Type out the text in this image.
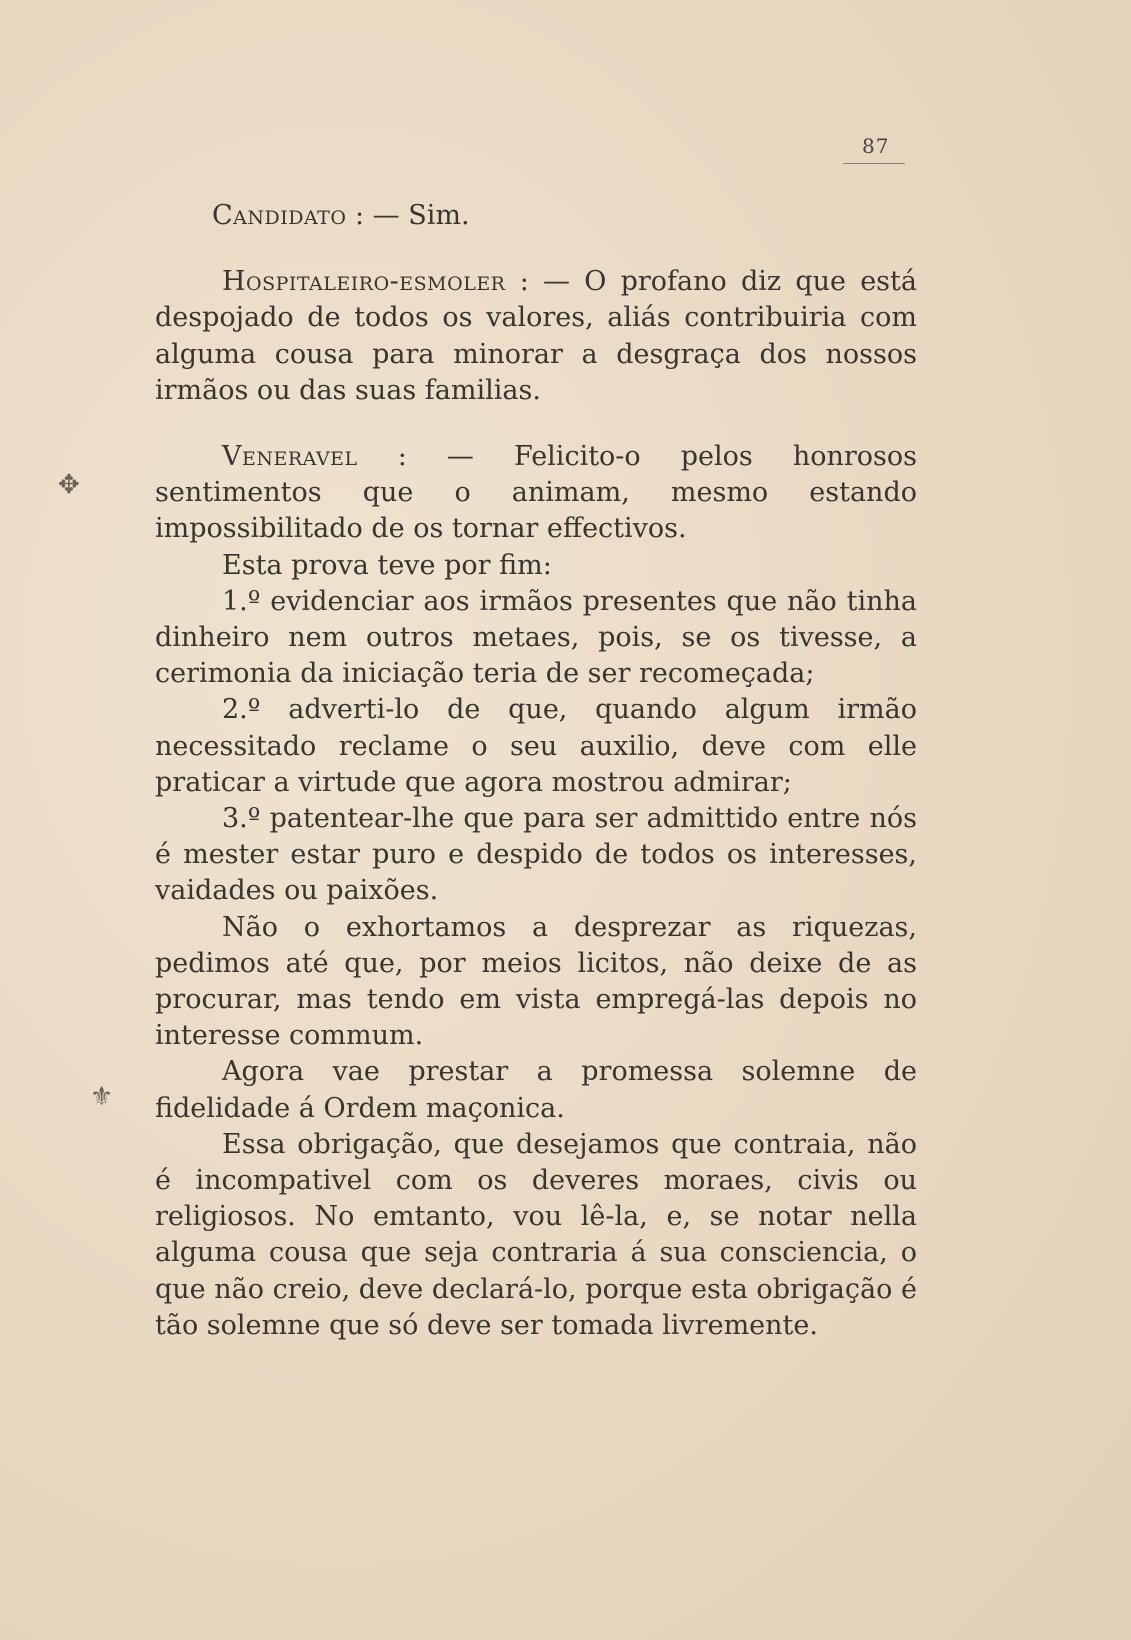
87
✥
⚜
Candidato : — Sim.
Hospitaleiro-esmoler : — O profano diz que está despojado de todos os valores, aliás contribuiria com alguma cousa para minorar a desgraça dos nossos irmãos ou das suas familias.
Veneravel : — Felicito-o pelos honrosos sentimentos que o animam, mesmo estando impossibilitado de os tornar effectivos.

Esta prova teve por fim:

1.º evidenciar aos irmãos presentes que não tinha dinheiro nem outros metaes, pois, se os tivesse, a cerimonia da iniciação teria de ser recomeçada;

2.º adverti-lo de que, quando algum irmão necessitado reclame o seu auxilio, deve com elle praticar a virtude que agora mostrou admirar;

3.º patentear-lhe que para ser admittido entre nós é mester estar puro e despido de todos os interesses, vaidades ou paixões.

Não o exhortamos a desprezar as riquezas, pedimos até que, por meios licitos, não deixe de as procurar, mas tendo em vista empregá-las depois no interesse commum.

Agora vae prestar a promessa solemne de fidelidade á Ordem maçonica.

Essa obrigação, que desejamos que contraia, não é incompativel com os deveres moraes, civis ou religiosos. No emtanto, vou lê-la, e, se notar nella alguma cousa que seja contraria á sua consciencia, o que não creio, deve declará-lo, porque esta obrigação é tão solemne que só deve ser tomada livremente.
